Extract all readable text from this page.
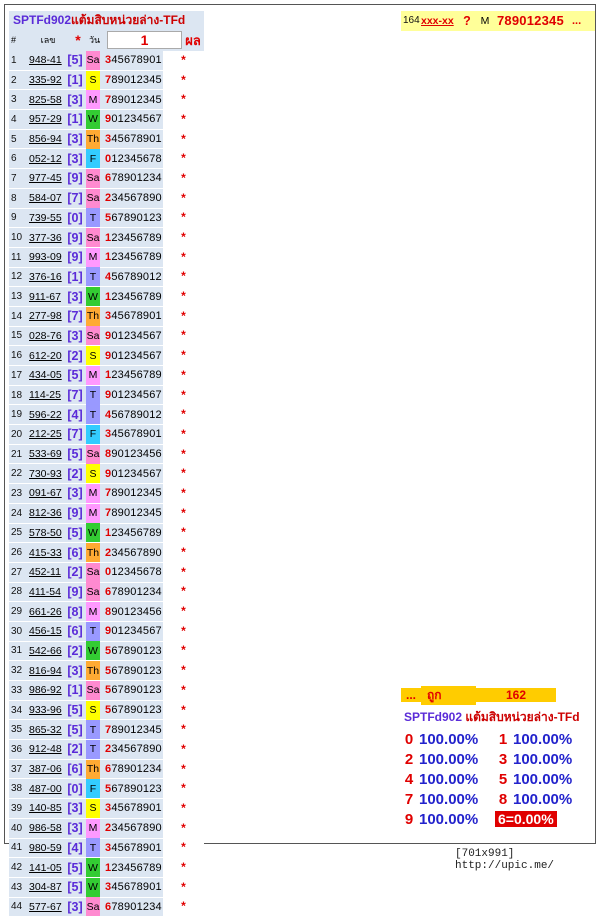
SPTFd902 แต้มสิบหน่วยล่าง-TFd
#	เลข	* วัน	1	ผล
1	948-41 [5] Sa 345678901	*
2	335-92 [1] S 789012345	*
3	825-58 [3] M 789012345	*
4	957-29 [1] W 901234567	*
5	856-94 [3] Th 345678901	*
6	052-12 [3] F 012345678	*
7	977-45 [9] Sa 678901234	*
8	584-07 [7] Sa 234567890	*
9	739-55 [0] T 567890123	*
10 377-36 [9] Sa 123456789	*
11 993-09 [9] M 123456789	*
12 376-16 [1] T 456789012	*
13 911-67 [3] W 123456789	*
14 277-98 [7] Th 345678901	*
15 028-76 [3] Sa 901234567	*
16 612-20 [2] S 901234567	*
17 434-05 [5] M 123456789	*
18 114-25 [7] T 901234567	*
19 596-22 [4] T 456789012	*
20 212-25 [7] F 345678901	*
21 533-69 [5] Sa 890123456	*
22 730-93 [2] S 901234567	*
23 091-67 [3] M 789012345	*
24 812-36 [9] M 789012345	*
25 578-50 [5] W 123456789	*
26 415-33 [6] Th 234567890	*
27 452-11 [2] Sa 012345678	*
28 411-54 [9] Sa 678901234	*
29 661-26 [8] M 890123456	*
30 456-15 [6] T 901234567	*
31 542-66 [2] W 567890123	*
32 816-94 [3] Th 567890123	*
33 986-92 [1] Sa 567890123	*
34 933-96 [5] S 567890123	*
35 865-32 [5] T 789012345	*
36 912-48 [2] T 234567890	*
37 387-06 [6] Th 678901234	*
38 487-00 [0] F 567890123	*
39 140-85 [3] S 345678901	*
40 986-58 [3] M 234567890	*
41 980-59 [4] T 345678901	*
42 141-05 [5] W 123456789	*
43 304-87 [5] W 345678901	*
44 577-67 [3] Sa 678901234	*
164 xxx-xx ? M 789012345 ...
... ถูก	162
SPTFd902 แต้มสิบหน่วยล่าง-TFd
0 100.00%	1 100.00%
2 100.00%	3 100.00%
4 100.00%	5 100.00%
7 100.00%	8 100.00%
9 100.00%	6=0.00%
[701x991] http://upic.me/
